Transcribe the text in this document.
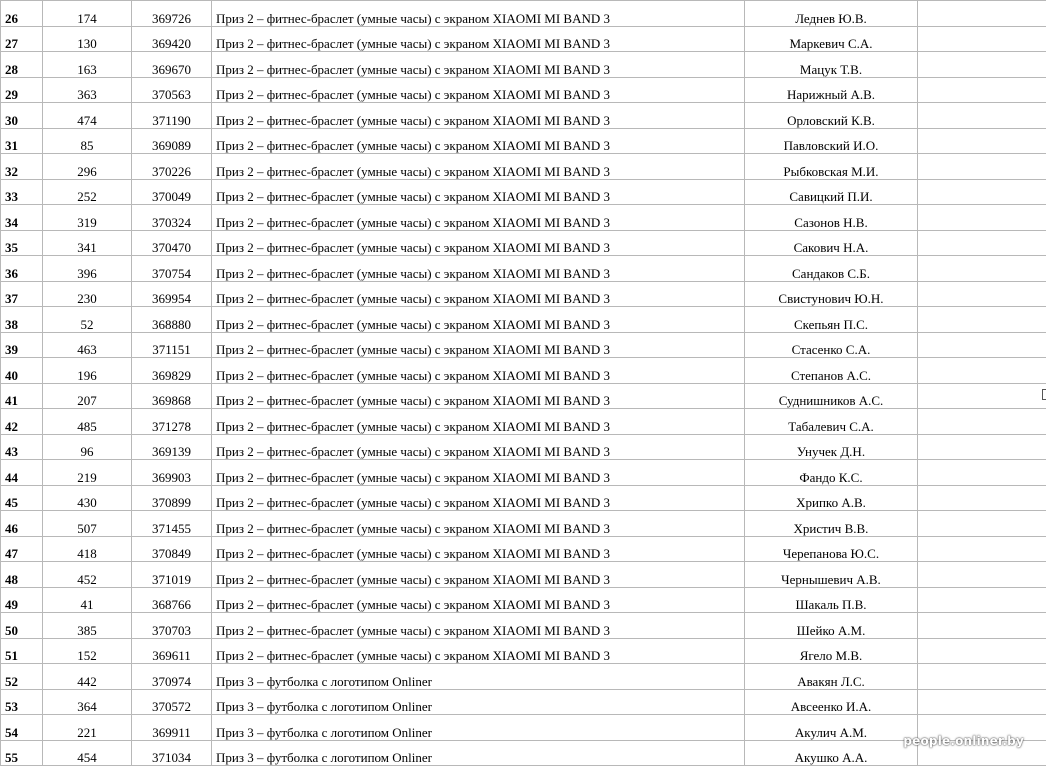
26	174	369726	Приз 2 – фитнес-браслет (умные часы) с экраном XIAOMI MI BAND 3	Леднев Ю.В.	
27	130	369420	Приз 2 – фитнес-браслет (умные часы) с экраном XIAOMI MI BAND 3	Маркевич С.А.	
28	163	369670	Приз 2 – фитнес-браслет (умные часы) с экраном XIAOMI MI BAND 3	Мацук Т.В.	
29	363	370563	Приз 2 – фитнес-браслет (умные часы) с экраном XIAOMI MI BAND 3	Нарижный А.В.	
30	474	371190	Приз 2 – фитнес-браслет (умные часы) с экраном XIAOMI MI BAND 3	Орловский К.В.	
31	85	369089	Приз 2 – фитнес-браслет (умные часы) с экраном XIAOMI MI BAND 3	Павловский И.О.	
32	296	370226	Приз 2 – фитнес-браслет (умные часы) с экраном XIAOMI MI BAND 3	Рыбковская М.И.	
33	252	370049	Приз 2 – фитнес-браслет (умные часы) с экраном XIAOMI MI BAND 3	Савицкий П.И.	
34	319	370324	Приз 2 – фитнес-браслет (умные часы) с экраном XIAOMI MI BAND 3	Сазонов Н.В.	
35	341	370470	Приз 2 – фитнес-браслет (умные часы) с экраном XIAOMI MI BAND 3	Сакович Н.А.	
36	396	370754	Приз 2 – фитнес-браслет (умные часы) с экраном XIAOMI MI BAND 3	Сандаков С.Б.	
37	230	369954	Приз 2 – фитнес-браслет (умные часы) с экраном XIAOMI MI BAND 3	Свистунович Ю.Н.	
38	52	368880	Приз 2 – фитнес-браслет (умные часы) с экраном XIAOMI MI BAND 3	Скепьян П.С.	
39	463	371151	Приз 2 – фитнес-браслет (умные часы) с экраном XIAOMI MI BAND 3	Стасенко С.А.	
40	196	369829	Приз 2 – фитнес-браслет (умные часы) с экраном XIAOMI MI BAND 3	Степанов А.С.	
41	207	369868	Приз 2 – фитнес-браслет (умные часы) с экраном XIAOMI MI BAND 3	Суднишников А.С.	
42	485	371278	Приз 2 – фитнес-браслет (умные часы) с экраном XIAOMI MI BAND 3	Табалевич С.А.	
43	96	369139	Приз 2 – фитнес-браслет (умные часы) с экраном XIAOMI MI BAND 3	Унучек Д.Н.	
44	219	369903	Приз 2 – фитнес-браслет (умные часы) с экраном XIAOMI MI BAND 3	Фандо К.С.	
45	430	370899	Приз 2 – фитнес-браслет (умные часы) с экраном XIAOMI MI BAND 3	Хрипко А.В.	
46	507	371455	Приз 2 – фитнес-браслет (умные часы) с экраном XIAOMI MI BAND 3	Христич В.В.	
47	418	370849	Приз 2 – фитнес-браслет (умные часы) с экраном XIAOMI MI BAND 3	Черепанова Ю.С.	
48	452	371019	Приз 2 – фитнес-браслет (умные часы) с экраном XIAOMI MI BAND 3	Чернышевич А.В.	
49	41	368766	Приз 2 – фитнес-браслет (умные часы) с экраном XIAOMI MI BAND 3	Шакаль П.В.	
50	385	370703	Приз 2 – фитнес-браслет (умные часы) с экраном XIAOMI MI BAND 3	Шейко А.М.	
51	152	369611	Приз 2 – фитнес-браслет (умные часы) с экраном XIAOMI MI BAND 3	Ягело М.В.	
52	442	370974	Приз 3 – футболка с логотипом Onliner	Авакян Л.С.	
53	364	370572	Приз 3 – футболка с логотипом Onliner	Авсеенко И.А.	
54	221	369911	Приз 3 – футболка с логотипом Onliner	Акулич А.М.	
55	454	371034	Приз 3 – футболка с логотипом Onliner	Акушко А.А.	
people.onliner.by
